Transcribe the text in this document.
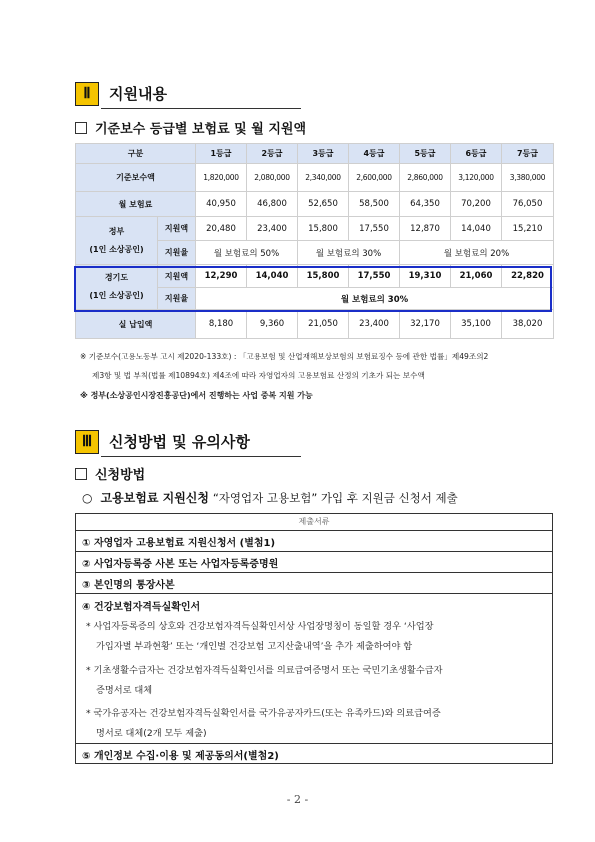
Ⅱ	지원내용
기준보수 등급별 보험료 및 월 지원액
구분		1등급	2등급	3등급	4등급	5등급	6등급	7등급
기준보수액		1,820,000	2,080,000	2,340,000	2,600,000	2,860,000	3,120,000	3,380,000
월 보험료		40,950	46,800	52,650	58,500	64,350	70,200	76,050
정부
(1인 소상공인)	지원액	20,480	23,400	15,800	17,550	12,870	14,040	15,210
	지원율	월 보험료의 50%		월 보험료의 30%		월 보험료의 20%		
경기도
(1인 소상공인)	지원액	12,290	14,040	15,800	17,550	19,310	21,060	22,820
	지원율	월 보험료의 30%						
실 납입액		8,180	9,360	21,050	23,400	32,170	35,100	38,020
※ 기준보수(고용노동부 고시 제2020-133호) : 「고용보험 및 산업재해보상보험의 보험료징수 등에 관한 법률」제49조의2
제3항 및 법 부칙(법률 제10894호) 제4조에 따라 자영업자의 고용보험료 산정의 기초가 되는 보수액
※ 정부(소상공인시장진흥공단)에서 진행하는 사업 중복 지원 가능
Ⅲ	신청방법 및 유의사항
신청방법
○ 고용보험료 지원신청 “자영업자 고용보험” 가입 후 지원금 신청서 제출
제출서류
① 자영업자 고용보험료 지원신청서 (별첨1)
② 사업자등록증 사본 또는 사업자등록증명원
③ 본인명의 통장사본
④ 건강보험자격득실확인서
* 사업자등록증의 상호와 건강보험자격득실확인서상 사업장명칭이 동일할 경우 ‘사업장
가입자별 부과현황’ 또는 ‘개인별 건강보험 고지산출내역’을 추가 제출하여야 함
* 기초생활수급자는 건강보험자격득실확인서를 의료급여증명서 또는 국민기초생활수급자
증명서로 대체
* 국가유공자는 건강보험자격득실확인서를 국가유공자카드(또는 유족카드)와 의료급여증
명서로 대체(2개 모두 제출)
⑤ 개인정보 수집·이용 및 제공동의서(별첨2)
- 2 -
